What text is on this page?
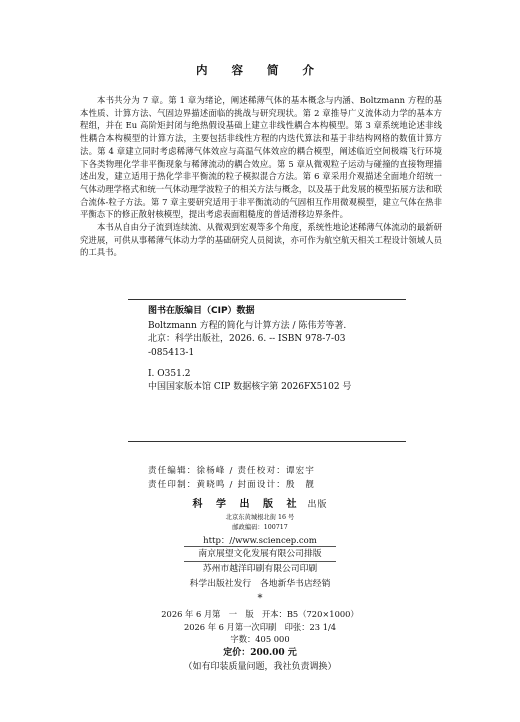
内 容 简 介

本书共分为 7 章。第 1 章为绪论，阐述稀薄气体的基本概念与内涵、Boltzmann 方程的基本性质、计算方法、气固边界描述面临的挑战与研究现状。第 2 章推导广义流体动力学的基本方程组，并在 Eu 高阶矩封闭与绝热假设基础上建立非线性耦合本构模型。第 3 章系统地论述非线性耦合本构模型的计算方法，主要包括非线性方程的内迭代算法和基于非结构网格的数值计算方法。第 4 章建立同时考虑稀薄气体效应与高温气体效应的耦合模型，阐述临近空间极端飞行环境下各类物理化学非平衡现象与稀薄流动的耦合效应。第 5 章从微观粒子运动与碰撞的直接物理描述出发，建立适用于热化学非平衡流的粒子模拟混合方法。第 6 章采用介观描述全面地介绍统一气体动理学格式和统一气体动理学波粒子的相关方法与概念，以及基于此发展的模型拓展方法和联合流体-粒子方法。第 7 章主要研究适用于非平衡流动的气固相互作用微观模型，建立气体在热非平衡态下的修正散射核模型，提出考虑表面粗糙度的普适滑移边界条件。

本书从自由分子流到连续流、从微观到宏观等多个角度，系统性地论述稀薄气体流动的最新研究进展，可供从事稀薄气体动力学的基础研究人员阅读，亦可作为航空航天相关工程设计领域人员的工具书。

图书在版编目（CIP）数据
Boltzmann 方程的简化与计算方法 / 陈伟芳等著.
北京：科学出版社，2026. 6. -- ISBN 978-7-03
-085413-1
Ⅰ. O351.2
中国国家版本馆 CIP 数据核字第 2026FX5102 号
责任编辑：徐杨峰 / 责任校对：谭宏宇
责任印制：黄晓鸣 / 封面设计：殷　靓
科 学 出 版 社 出版
北京东黄城根北街 16 号
邮政编码：100717
http：//www.sciencep.com
南京展望文化发展有限公司排版
苏州市越洋印刷有限公司印刷
科学出版社发行　各地新华书店经销
*
2026 年 6 月第　一　版　开本：B5（720×1000）
2026 年 6 月第一次印刷　印张：23 1/4
字数：405 000
定价：200.00 元
（如有印装质量问题，我社负责调换）
